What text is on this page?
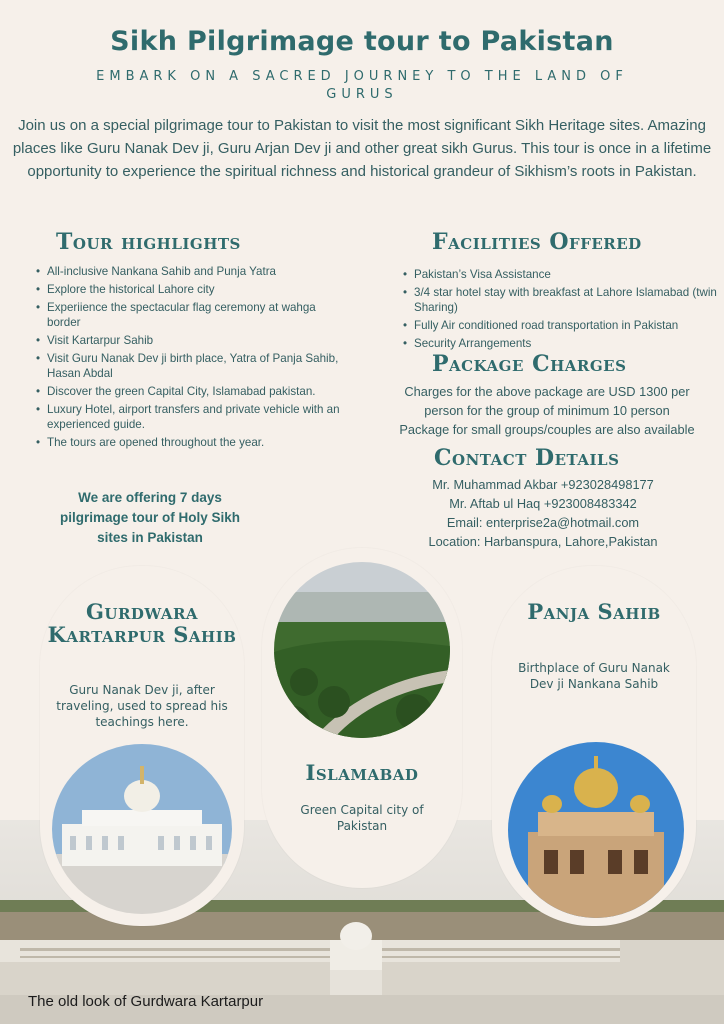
Sikh Pilgrimage tour to Pakistan
EMBARK ON A SACRED JOURNEY TO THE LAND OF GURUS
Join us on a special pilgrimage tour to Pakistan to visit the most significant Sikh Heritage sites. Amazing places like Guru Nanak Dev ji, Guru Arjan Dev ji and other great sikh Gurus. This tour is once in a lifetime opportunity to experience the spiritual richness and historical grandeur of Sikhism’s roots in Pakistan.
Tour highlights
• All-inclusive Nankana Sahib and Punja Yatra
• Explore the historical Lahore city
• Experiience the spectacular flag ceremony at wahga border
• Visit Kartarpur Sahib
• Visit Guru Nanak Dev ji birth place, Yatra of Panja Sahib, Hasan Abdal
• Discover the green Capital City, Islamabad pakistan.
• Luxury Hotel, airport transfers and private vehicle with an experienced guide.
• The tours are opened throughout the year.
We are offering 7 days pilgrimage tour of Holy Sikh sites in Pakistan
Facilities Offered
• Pakistan’s Visa Assistance
• 3/4 star hotel stay with breakfast at Lahore Islamabad (twin Sharing)
• Fully Air conditioned road transportation in Pakistan
• Security Arrangements
Package Charges
Charges for the above package are USD 1300 per
person for the group of minimum 10 person
Package for small groups/couples are also available
Contact Details
Mr. Muhammad Akbar +923028498177
Mr. Aftab ul Haq +923008483342
Email: enterprise2a@hotmail.com
Location: Harbanspura, Lahore,Pakistan
Gurdwara Kartarpur Sahib
Guru Nanak Dev ji, after traveling, used to spread his teachings here.
Islamabad
Green Capital city of Pakistan
Panja Sahib
Birthplace of Guru Nanak Dev ji Nankana Sahib
The old look of Gurdwara Kartarpur
